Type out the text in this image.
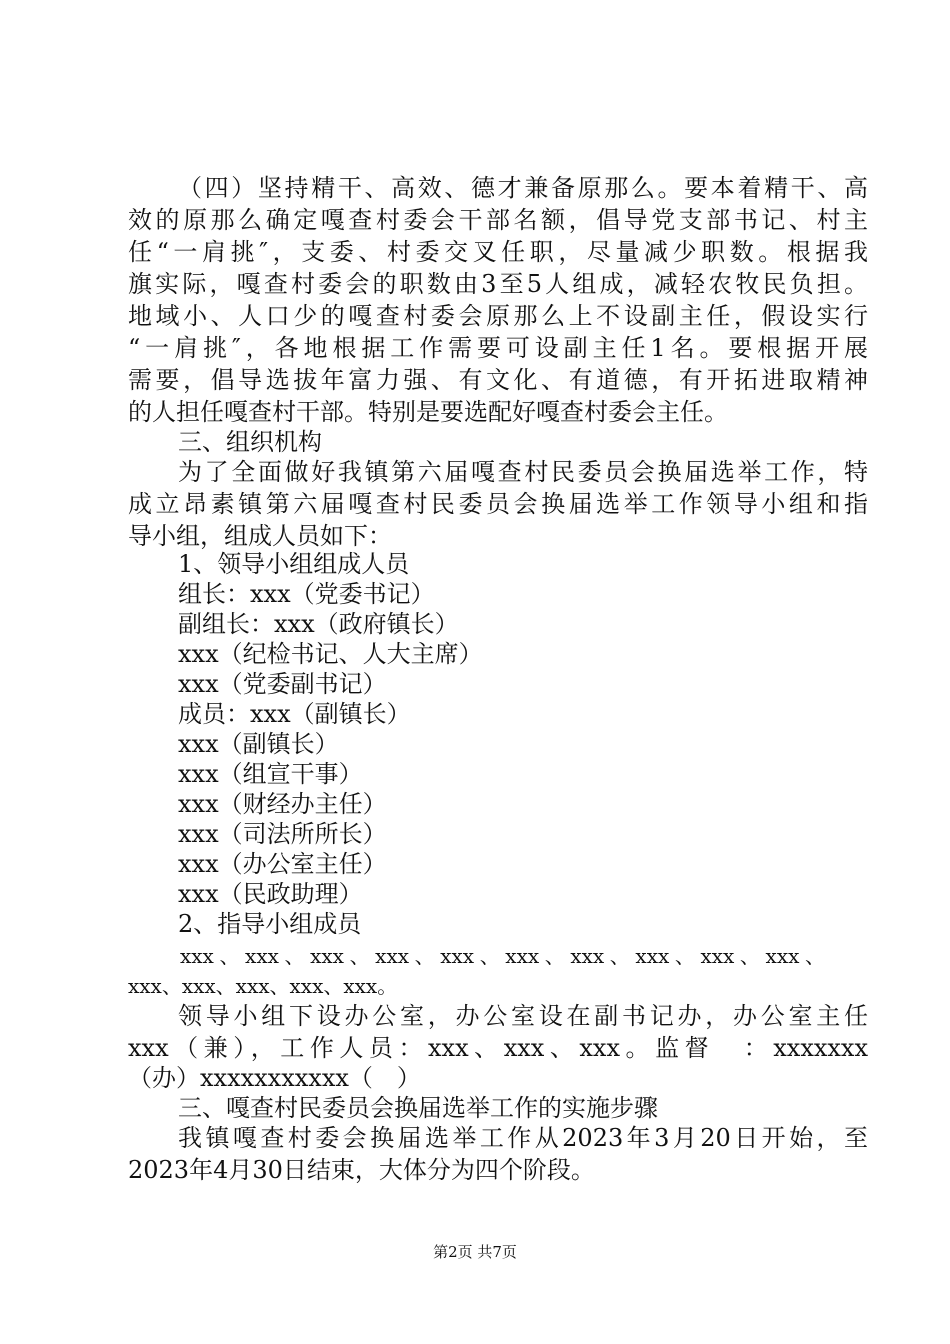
（四）坚持精干、高效、德才兼备原那么。要本着精干、高
效的原那么确定嘎查村委会干部名额，倡导党支部书记、村主
任“一肩挑″，支委、村委交叉任职，尽量减少职数。根据我
旗实际，嘎查村委会的职数由3至5人组成，减轻农牧民负担。
地域小、人口少的嘎查村委会原那么上不设副主任，假设实行
“一肩挑″，各地根据工作需要可设副主任1名。要根据开展
需要，倡导选拔年富力强、有文化、有道德，有开拓进取精神
的人担任嘎查村干部。特别是要选配好嘎查村委会主任。
三、组织机构
为了全面做好我镇第六届嘎查村民委员会换届选举工作，特
成立昂素镇第六届嘎查村民委员会换届选举工作领导小组和指
导小组，组成人员如下：
1、领导小组组成人员
组长：xxx（党委书记）
副组长：xxx（政府镇长）
xxx（纪检书记、人大主席）
xxx（党委副书记）
成员：xxx（副镇长）
xxx（副镇长）
xxx（组宣干事）
xxx（财经办主任）
xxx（司法所所长）
xxx（办公室主任）
xxx（民政助理）
2、指导小组成员
xxx、xxx、xxx、xxx、xxx、xxx、xxx、xxx、xxx、xxx、
xxx、xxx、xxx、xxx、xxx。
领导小组下设办公室，办公室设在副书记办，办公室主任
xxx（兼），工作人员：xxx、xxx、xxx。监督　：xxxxxxx
（办）xxxxxxxxxxx（　）
三、嘎查村民委员会换届选举工作的实施步骤
我镇嘎查村委会换届选举工作从2023年3月20日开始，至
2023年4月30日结束，大体分为四个阶段。
第2页 共7页
